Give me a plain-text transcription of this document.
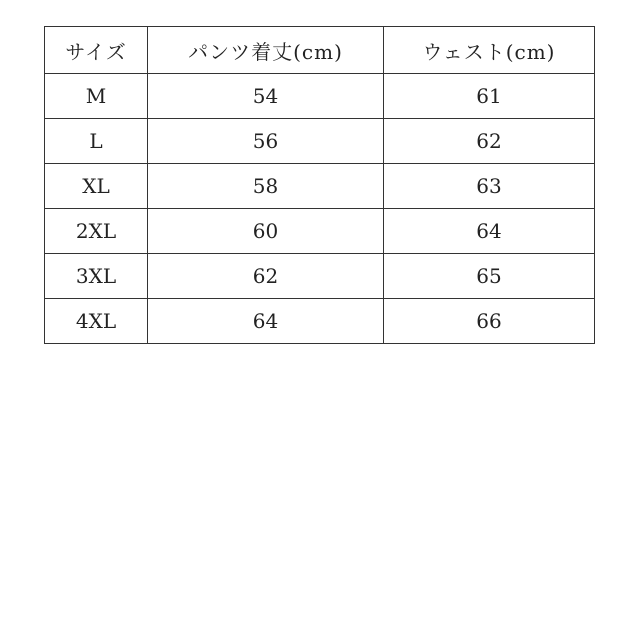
サイズ	パンツ着丈(cm)	ウェスト(cm)
M	54	61
L	56	62
XL	58	63
2XL	60	64
3XL	62	65
4XL	64	66
